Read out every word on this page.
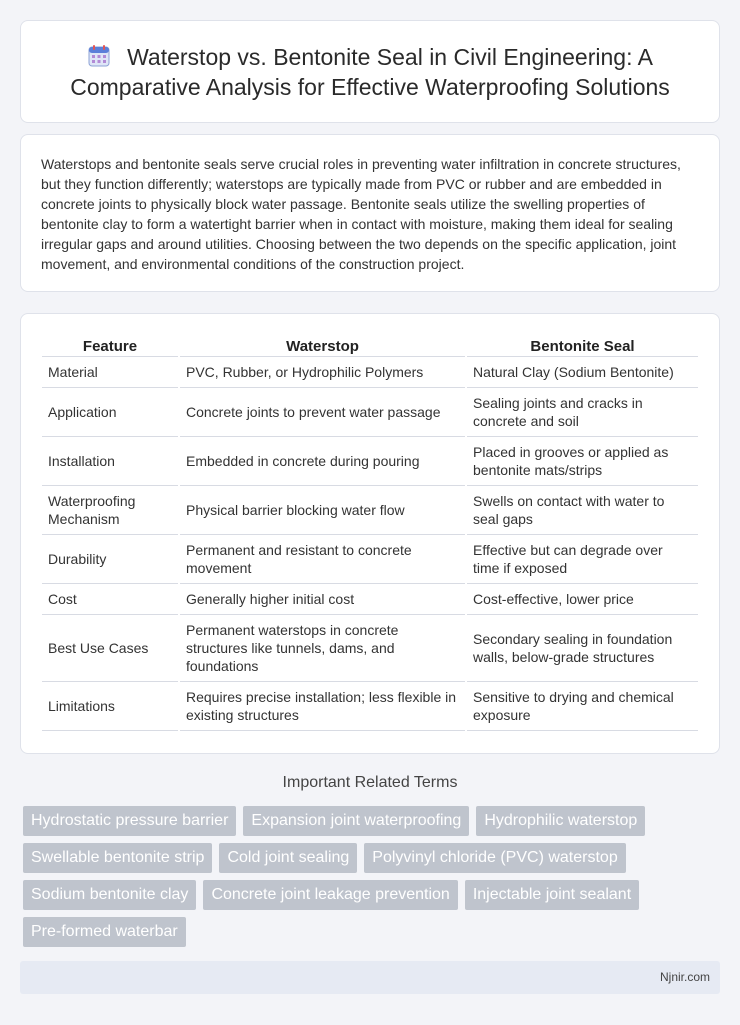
Waterstop vs. Bentonite Seal in Civil Engineering: A Comparative Analysis for Effective Waterproofing Solutions

Waterstops and bentonite seals serve crucial roles in preventing water infiltration in concrete structures, but they function differently; waterstops are typically made from PVC or rubber and are embedded in concrete joints to physically block water passage. Bentonite seals utilize the swelling properties of bentonite clay to form a watertight barrier when in contact with moisture, making them ideal for sealing irregular gaps and around utilities. Choosing between the two depends on the specific application, joint movement, and environmental conditions of the construction project.

Feature	Waterstop	Bentonite Seal
Material	PVC, Rubber, or Hydrophilic Polymers	Natural Clay (Sodium Bentonite)
Application	Concrete joints to prevent water passage	Sealing joints and cracks in concrete and soil
Installation	Embedded in concrete during pouring	Placed in grooves or applied as bentonite mats/strips
Waterproofing Mechanism	Physical barrier blocking water flow	Swells on contact with water to seal gaps
Durability	Permanent and resistant to concrete movement	Effective but can degrade over time if exposed
Cost	Generally higher initial cost	Cost-effective, lower price
Best Use Cases	Permanent waterstops in concrete structures like tunnels, dams, and foundations	Secondary sealing in foundation walls, below-grade structures
Limitations	Requires precise installation; less flexible in existing structures	Sensitive to drying and chemical exposure
Important Related Terms
Hydrostatic pressure barrier	Expansion joint waterproofing	Hydrophilic waterstop
Swellable bentonite strip	Cold joint sealing	Polyvinyl chloride (PVC) waterstop
Sodium bentonite clay	Concrete joint leakage prevention	Injectable joint sealant
Pre-formed waterbar
Njnir.com
